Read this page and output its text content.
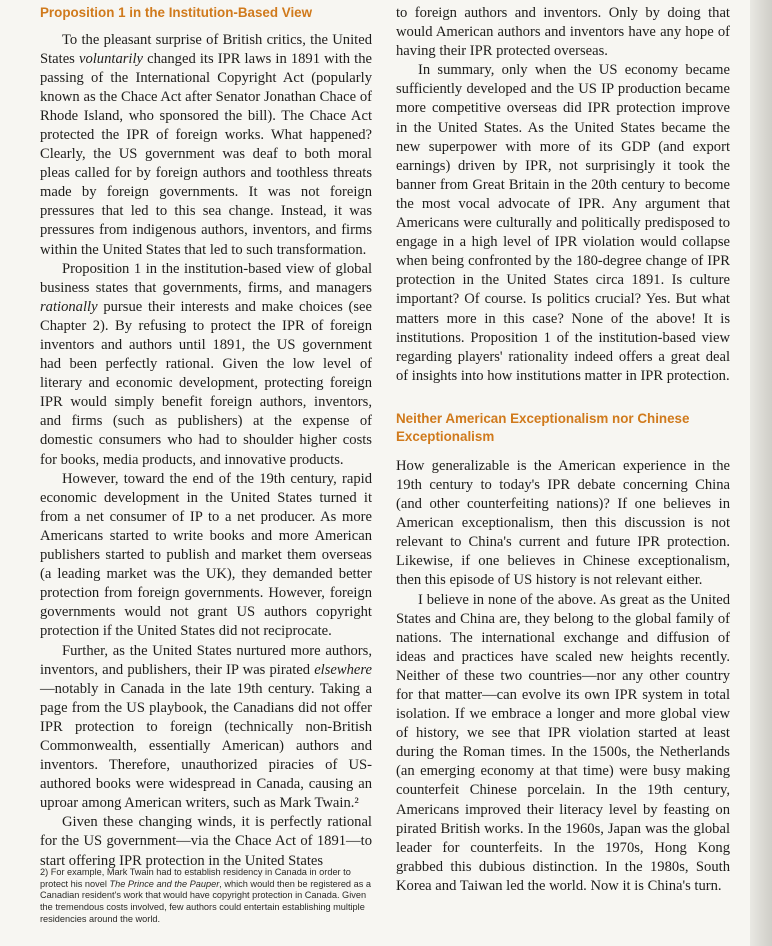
Proposition 1 in the Institution-Based View

To the pleasant surprise of British critics, the United States voluntarily changed its IPR laws in 1891 with the passing of the International Copyright Act (popularly known as the Chace Act after Senator Jonathan Chace of Rhode Island, who sponsored the bill). The Chace Act protected the IPR of foreign works. What happened? Clearly, the US government was deaf to both moral pleas called for by foreign authors and toothless threats made by foreign governments. It was not foreign pressures that led to this sea change. Instead, it was pressures from indigenous authors, inventors, and firms within the United States that led to such transformation.

Proposition 1 in the institution-based view of global business states that governments, firms, and managers rationally pursue their interests and make choices (see Chapter 2). By refusing to protect the IPR of foreign inventors and authors until 1891, the US government had been perfectly rational. Given the low level of literary and economic development, protecting foreign IPR would simply benefit foreign authors, inventors, and firms (such as publishers) at the expense of domestic consumers who had to shoulder higher costs for books, media products, and innovative products.

However, toward the end of the 19th century, rapid economic development in the United States turned it from a net consumer of IP to a net producer. As more Americans started to write books and more American publishers started to publish and market them overseas (a leading market was the UK), they demanded better protection from foreign governments. However, foreign governments would not grant US authors copyright protection if the United States did not reciprocate.

Further, as the United States nurtured more authors, inventors, and publishers, their IP was pirated elsewhere—notably in Canada in the late 19th century. Taking a page from the US playbook, the Canadians did not offer IPR protection to foreign (technically non-British Commonwealth, essentially American) authors and inventors. Therefore, unauthorized piracies of US-authored books were widespread in Canada, causing an uproar among American writers, such as Mark Twain.²

Given these changing winds, it is perfectly rational for the US government—via the Chace Act of 1891—to start offering IPR protection in the United States

2) For example, Mark Twain had to establish residency in Canada in order to protect his novel The Prince and the Pauper, which would then be registered as a Canadian resident's work that would have copyright protection in Canada. Given the tremendous costs involved, few authors could entertain establishing multiple residencies around the world.

to foreign authors and inventors. Only by doing that would American authors and inventors have any hope of having their IPR protected overseas.

In summary, only when the US economy became sufficiently developed and the US IP production became more competitive overseas did IPR protection improve in the United States. As the United States became the new superpower with more of its GDP (and export earnings) driven by IPR, not surprisingly it took the banner from Great Britain in the 20th century to become the most vocal advocate of IPR. Any argument that Americans were culturally and politically predisposed to engage in a high level of IPR violation would collapse when being confronted by the 180-degree change of IPR protection in the United States circa 1891. Is culture important? Of course. Is politics crucial? Yes. But what matters more in this case? None of the above! It is institutions. Proposition 1 of the institution-based view regarding players' rationality indeed offers a great deal of insights into how institutions matter in IPR protection.

Neither American Exceptionalism nor Chinese Exceptionalism

How generalizable is the American experience in the 19th century to today's IPR debate concerning China (and other counterfeiting nations)? If one believes in American exceptionalism, then this discussion is not relevant to China's current and future IPR protection. Likewise, if one believes in Chinese exceptionalism, then this episode of US history is not relevant either.

I believe in none of the above. As great as the United States and China are, they belong to the global family of nations. The international exchange and diffusion of ideas and practices have scaled new heights recently. Neither of these two countries—nor any other country for that matter—can evolve its own IPR system in total isolation. If we embrace a longer and more global view of history, we see that IPR violation started at least during the Roman times. In the 1500s, the Netherlands (an emerging economy at that time) were busy making counterfeit Chinese porcelain. In the 19th century, Americans improved their literacy level by feasting on pirated British works. In the 1960s, Japan was the global leader for counterfeits. In the 1970s, Hong Kong grabbed this dubious distinction. In the 1980s, South Korea and Taiwan led the world. Now it is China's turn.
